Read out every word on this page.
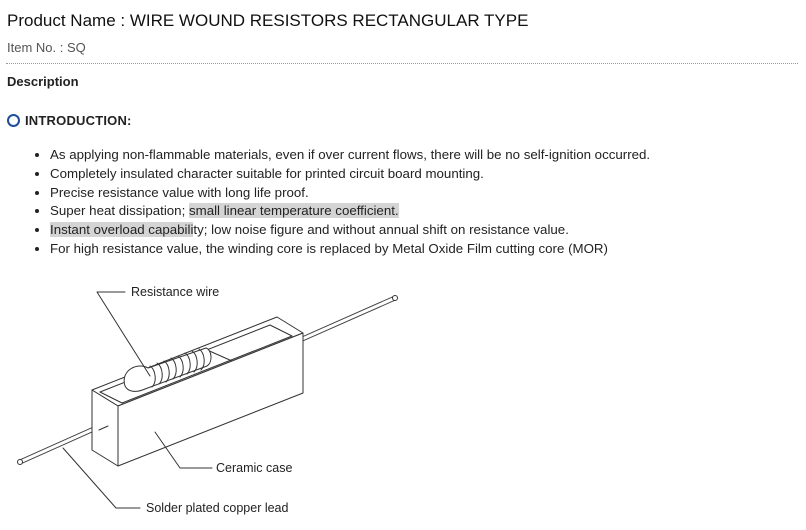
Product Name : WIRE WOUND RESISTORS RECTANGULAR TYPE
Item No. : SQ
Description
INTRODUCTION:
• As applying non-flammable materials, even if over current flows, there will be no self-ignition occurred.
• Completely insulated character suitable for printed circuit board mounting.
• Precise resistance value with long life proof.
• Super heat dissipation; small linear temperature coefficient.
• Instant overload capability; low noise figure and without annual shift on resistance value.
• For high resistance value, the winding core is replaced by Metal Oxide Film cutting core (MOR)
Resistance wire
Ceramic case
Solder plated copper lead
